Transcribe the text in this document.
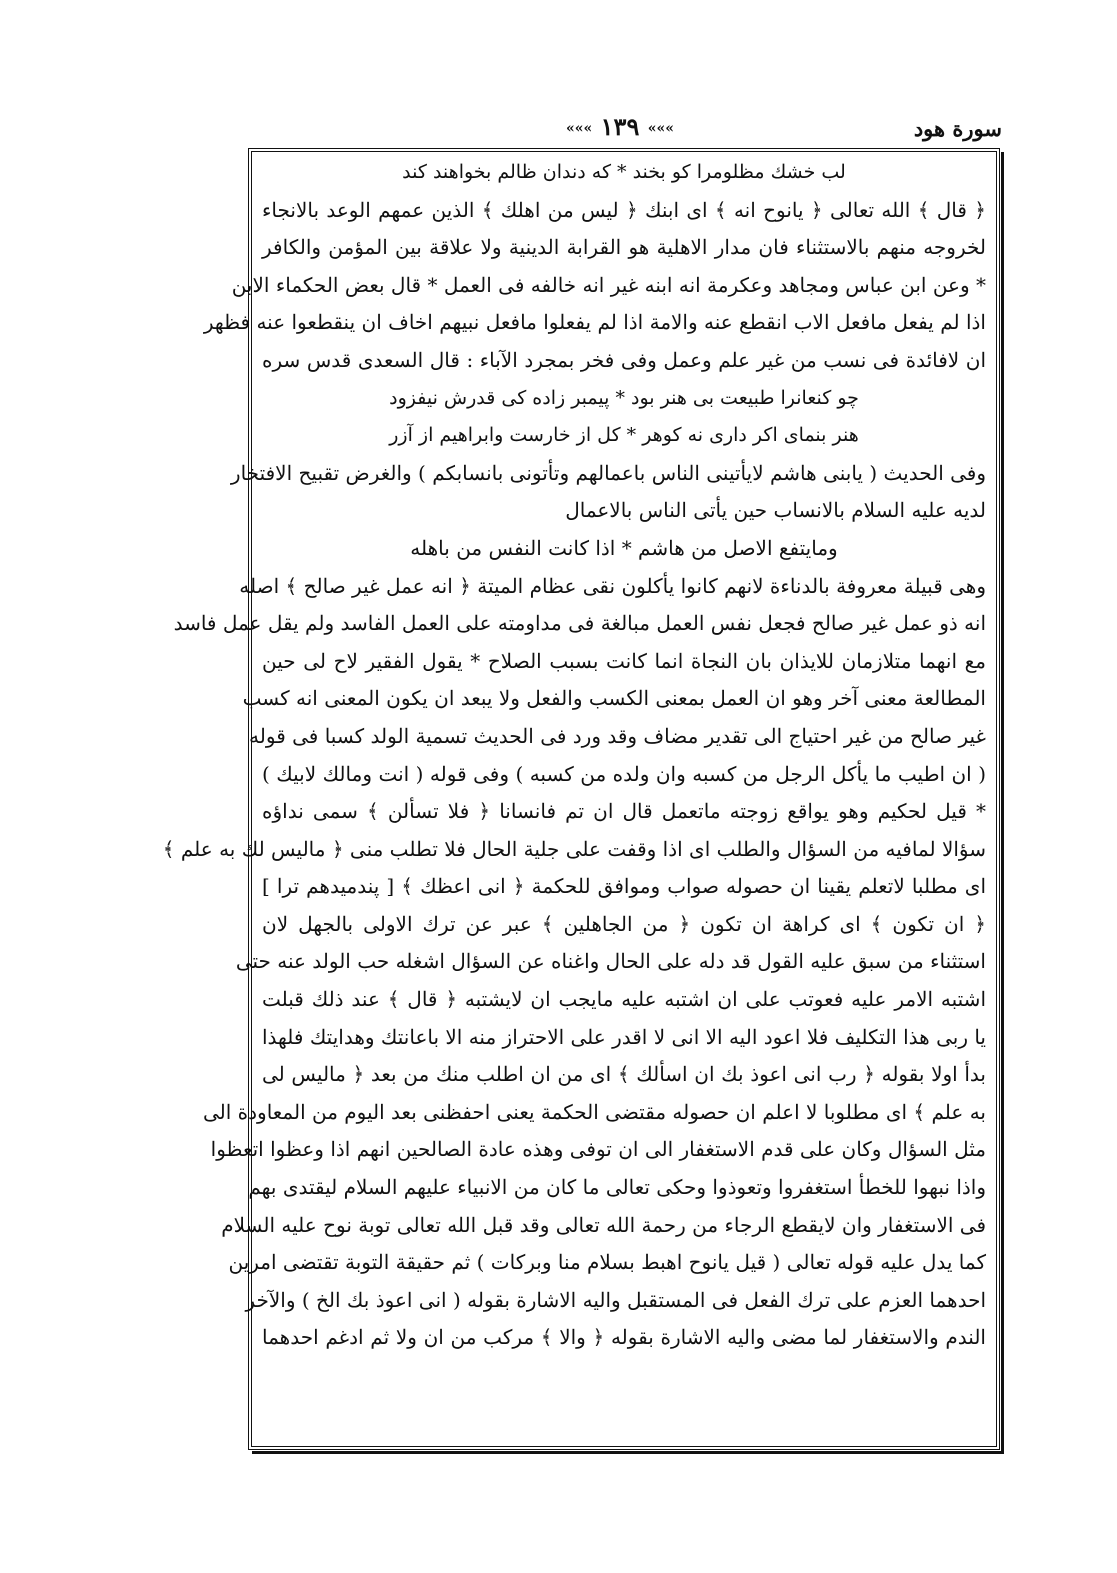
سورة هود
««« ١٣٩ «««
لب خشك مظلومرا كو بخند * كه دندان ظالم بخواهند كند
﴿ قال ﴾ الله تعالى ﴿ يانوح انه ﴾ اى ابنك ﴿ ليس من اهلك ﴾ الذين عمهم الوعد بالانجاء
لخروجه منهم بالاستثناء فان مدار الاهلية هو القرابة الدينية ولا علاقة بين المؤمن والكافر
* وعن ابن عباس ومجاهد وعكرمة انه ابنه غير انه خالفه فى العمل * قال بعض الحكماء الابن
اذا لم يفعل مافعل الاب انقطع عنه والامة اذا لم يفعلوا مافعل نبيهم اخاف ان ينقطعوا عنه فظهر
ان لافائدة فى نسب من غير علم وعمل وفى فخر بمجرد الآباء : قال السعدى قدس سره
چو كنعانرا طبيعت بى هنر بود * پيمبر زاده كى قدرش نيفزود
هنر بنماى اكر دارى نه كوهر * كل از خارست وابراهيم از آزر
وفى الحديث ( يابنى هاشم لايأتينى الناس باعمالهم وتأتونى بانسابكم ) والغرض تقبيح الافتخار
لديه عليه السلام بالانساب حين يأتى الناس بالاعمال
ومايتفع الاصل من هاشم * اذا كانت النفس من باهله
وهى قبيلة معروفة بالدناءة لانهم كانوا يأكلون نقى عظام الميتة ﴿ انه عمل غير صالح ﴾ اصله
انه ذو عمل غير صالح فجعل نفس العمل مبالغة فى مداومته على العمل الفاسد ولم يقل عمل فاسد
مع انهما متلازمان للايذان بان النجاة انما كانت بسبب الصلاح * يقول الفقير لاح لى حين
المطالعة معنى آخر وهو ان العمل بمعنى الكسب والفعل ولا يبعد ان يكون المعنى انه كسب
غير صالح من غير احتياج الى تقدير مضاف وقد ورد فى الحديث تسمية الولد كسبا فى قوله
( ان اطيب ما يأكل الرجل من كسبه وان ولده من كسبه ) وفى قوله ( انت ومالك لابيك )
* قيل لحكيم وهو يواقع زوجته ماتعمل قال ان تم فانسانا ﴿ فلا تسألن ﴾ سمى نداؤه
سؤالا لمافيه من السؤال والطلب اى اذا وقفت على جلية الحال فلا تطلب منى ﴿ ماليس لك به علم ﴾
اى مطلبا لاتعلم يقينا ان حصوله صواب وموافق للحكمة ﴿ انى اعظك ﴾ [ پندميدهم ترا ]
﴿ ان تكون ﴾ اى كراهة ان تكون ﴿ من الجاهلين ﴾ عبر عن ترك الاولى بالجهل لان
استثناء من سبق عليه القول قد دله على الحال واغناه عن السؤال اشغله حب الولد عنه حتى
اشتبه الامر عليه فعوتب على ان اشتبه عليه مايجب ان لايشتبه ﴿ قال ﴾ عند ذلك قبلت
يا ربى هذا التكليف فلا اعود اليه الا انى لا اقدر على الاحتراز منه الا باعانتك وهدايتك فلهذا
بدأ اولا بقوله ﴿ رب انى اعوذ بك ان اسألك ﴾ اى من ان اطلب منك من بعد ﴿ ماليس لى
به علم ﴾ اى مطلوبا لا اعلم ان حصوله مقتضى الحكمة يعنى احفظنى بعد اليوم من المعاودة الى
مثل السؤال وكان على قدم الاستغفار الى ان توفى وهذه عادة الصالحين انهم اذا وعظوا اتعظوا
واذا نبهوا للخطأ استغفروا وتعوذوا وحكى تعالى ما كان من الانبياء عليهم السلام ليقتدى بهم
فى الاستغفار وان لايقطع الرجاء من رحمة الله تعالى وقد قبل الله تعالى توبة نوح عليه السلام
كما يدل عليه قوله تعالى ( قيل يانوح اهبط بسلام منا وبركات ) ثم حقيقة التوبة تقتضى امرين
احدهما العزم على ترك الفعل فى المستقبل واليه الاشارة بقوله ( انى اعوذ بك الخ ) والآخر
الندم والاستغفار لما مضى واليه الاشارة بقوله ﴿ والا ﴾ مركب من ان ولا ثم ادغم احدهما
